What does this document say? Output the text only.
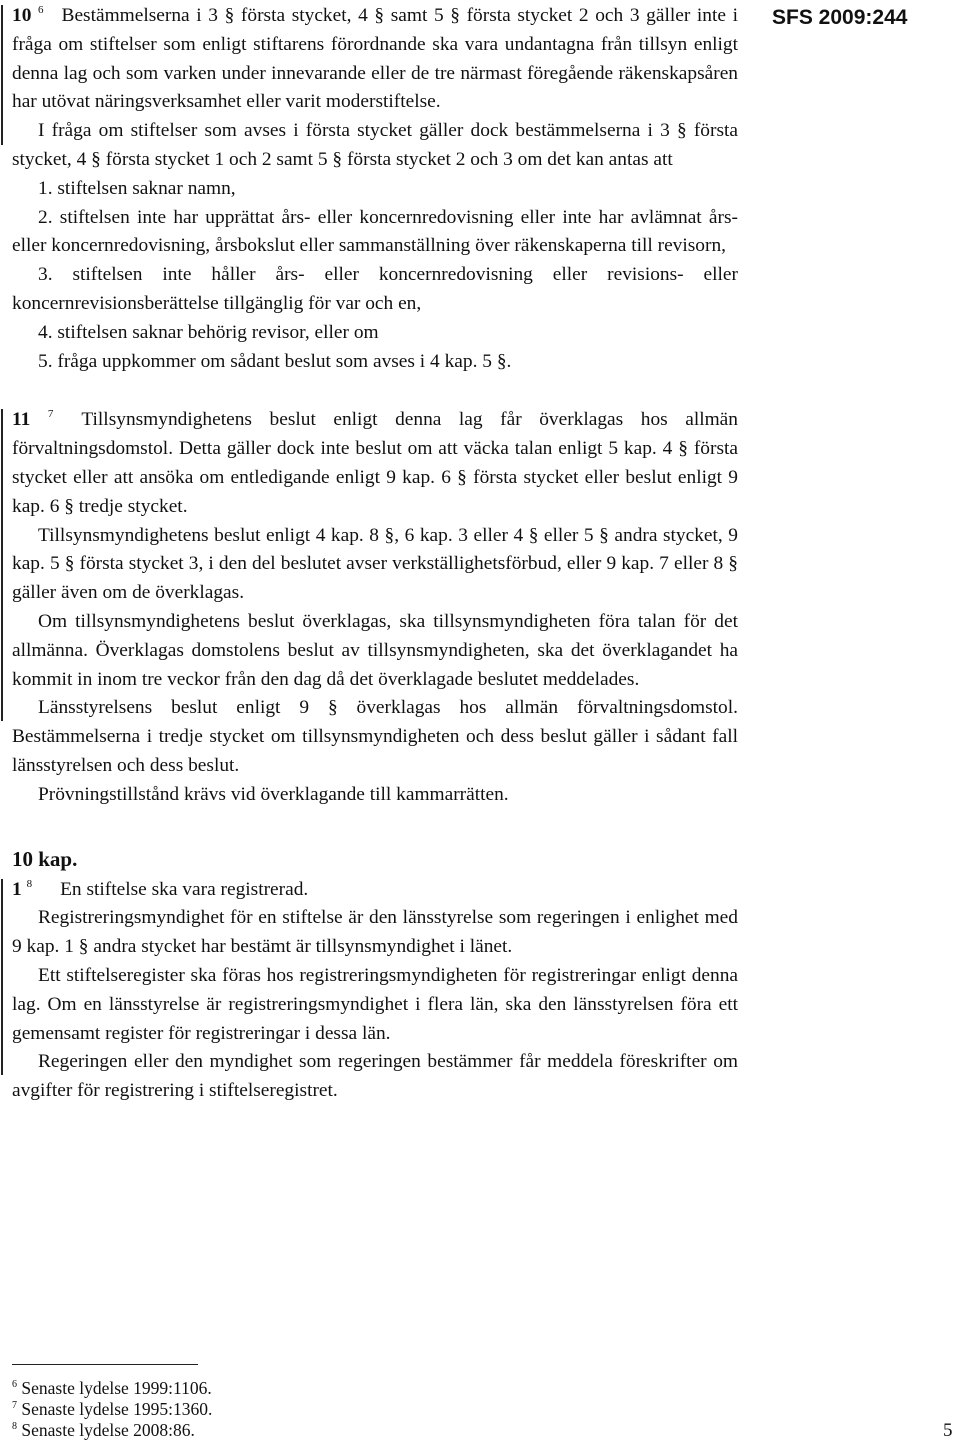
SFS 2009:244

10 $^6$ Bestämmelserna i 3 § första stycket, 4 § samt 5 § första stycket 2 och 3 gäller inte i fråga om stiftelser som enligt stiftarens förordnande ska vara undantagna från tillsyn enligt denna lag och som varken under innevarande eller de tre närmast föregående räkenskapsåren har utövat näringsverksamhet eller varit moderstiftelse.

I fråga om stiftelser som avses i första stycket gäller dock bestämmelserna i 3 § första stycket, 4 § första stycket 1 och 2 samt 5 § första stycket 2 och 3 om det kan antas att

1. stiftelsen saknar namn,

2. stiftelsen inte har upprättat års- eller koncernredovisning eller inte har avlämnat års- eller koncernredovisning, årsbokslut eller sammanställning över räkenskaperna till revisorn,

3. stiftelsen inte håller års- eller koncernredovisning eller revisions- eller koncernrevisionsberättelse tillgänglig för var och en,

4. stiftelsen saknar behörig revisor, eller om

5. fråga uppkommer om sådant beslut som avses i 4 kap. 5 §.

11 $^7$ Tillsynsmyndighetens beslut enligt denna lag får överklagas hos allmän förvaltningsdomstol. Detta gäller dock inte beslut om att väcka talan enligt 5 kap. 4 § första stycket eller att ansöka om entledigande enligt 9 kap. 6 § första stycket eller beslut enligt 9 kap. 6 § tredje stycket.

Tillsynsmyndighetens beslut enligt 4 kap. 8 §, 6 kap. 3 eller 4 § eller 5 § andra stycket, 9 kap. 5 § första stycket 3, i den del beslutet avser verkställighetsförbud, eller 9 kap. 7 eller 8 § gäller även om de överklagas.

Om tillsynsmyndighetens beslut överklagas, ska tillsynsmyndigheten föra talan för det allmänna. Överklagas domstolens beslut av tillsynsmyndigheten, ska det överklagandet ha kommit in inom tre veckor från den dag då det överklagade beslutet meddelades.

Länsstyrelsens beslut enligt 9 § överklagas hos allmän förvaltningsdomstol. Bestämmelserna i tredje stycket om tillsynsmyndigheten och dess beslut gäller i sådant fall länsstyrelsen och dess beslut.

Prövningstillstånd krävs vid överklagande till kammarrätten.

10 kap.

1 $^8$ En stiftelse ska vara registrerad.

Registreringsmyndighet för en stiftelse är den länsstyrelse som regeringen i enlighet med 9 kap. 1 § andra stycket har bestämt är tillsynsmyndighet i länet.

Ett stiftelseregister ska föras hos registreringsmyndigheten för registreringar enligt denna lag. Om en länsstyrelse är registreringsmyndighet i flera län, ska den länsstyrelsen föra ett gemensamt register för registreringar i dessa län.

Regeringen eller den myndighet som regeringen bestämmer får meddela föreskrifter om avgifter för registrering i stiftelseregistret.

$^6$ Senaste lydelse 1999:1106.
$^7$ Senaste lydelse 1995:1360.
$^8$ Senaste lydelse 2008:86.	5
